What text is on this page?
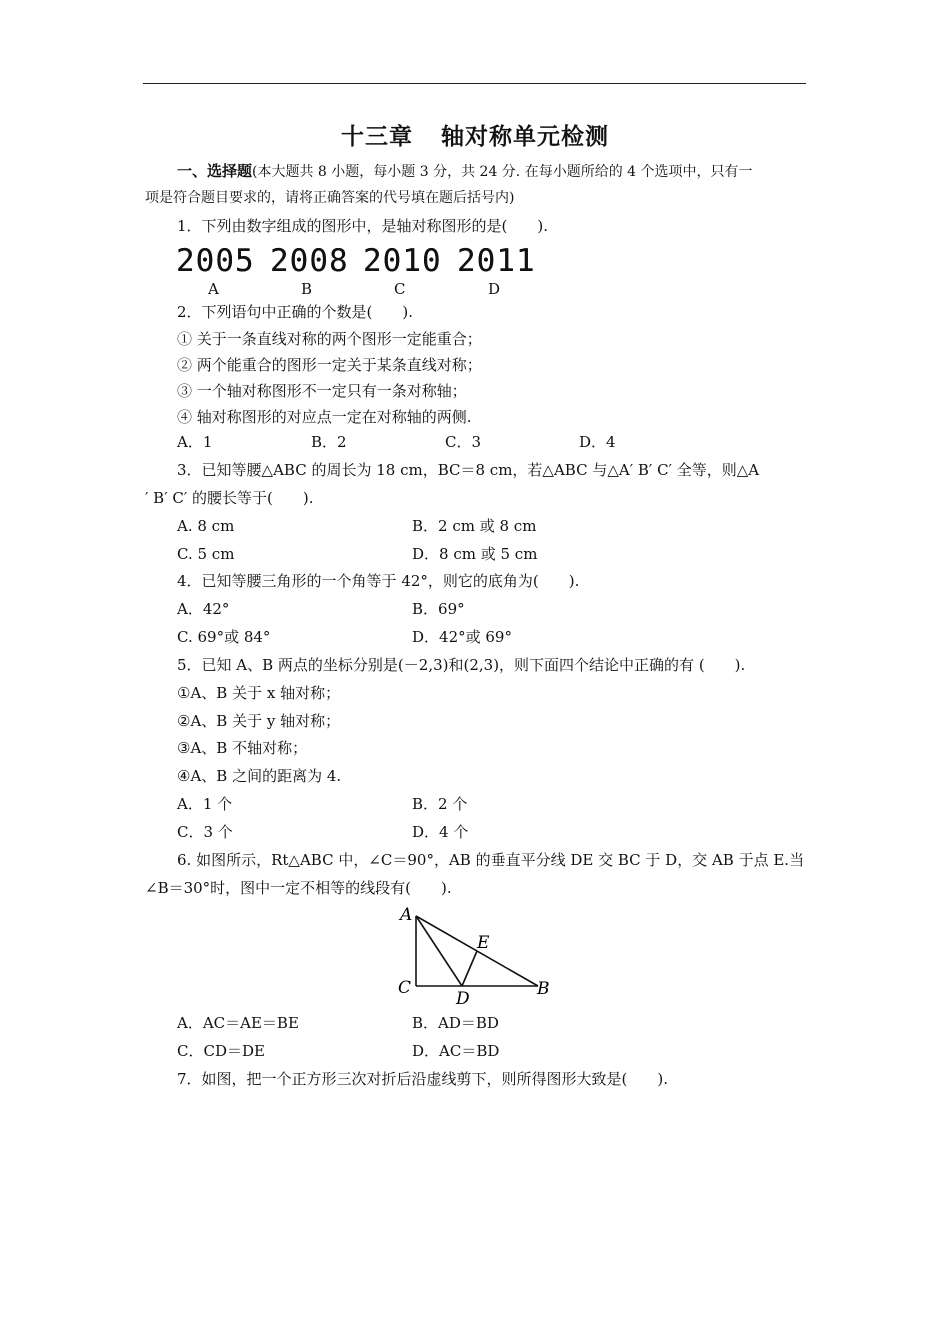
十三章 轴对称单元检测
一、选择题(本大题共 8 小题，每小题 3 分，共 24 分. 在每小题所给的 4 个选项中，只有一
项是符合题目要求的，请将正确答案的代号填在题后括号内)
1．下列由数字组成的图形中，是轴对称图形的是(　　).
2005 2008 2010 2011
A	B	C	D
2．下列语句中正确的个数是(　　).
① 关于一条直线对称的两个图形一定能重合；
② 两个能重合的图形一定关于某条直线对称；
③ 一个轴对称图形不一定只有一条对称轴；
④ 轴对称图形的对应点一定在对称轴的两侧.
A．1	B．2	C．3	D．4
3．已知等腰△ABC 的周长为 18 cm，BC＝8 cm，若△ABC 与△A′ B′ C′ 全等，则△A
′ B′ C′ 的腰长等于(　　).
A. 8 cm	B．2 cm 或 8 cm
C. 5 cm	D．8 cm 或 5 cm
4．已知等腰三角形的一个角等于 42°，则它的底角为(　　).
A．42°	B．69°
C. 69°或 84°	D．42°或 69°
5．已知 A、B 两点的坐标分别是(－2,3)和(2,3)，则下面四个结论中正确的有 (　　).
①A、B 关于 x 轴对称；
②A、B 关于 y 轴对称；
③A、B 不轴对称；
④A、B 之间的距离为 4.
A．1 个	B．2 个
C．3 个	D．4 个
6. 如图所示，Rt△ABC 中，∠C＝90°，AB 的垂直平分线 DE 交 BC 于 D，交 AB 于点 E.当
∠B＝30°时，图中一定不相等的线段有(　　).
A
E
C
D	B
A．AC＝AE＝BE	B．AD＝BD
C．CD＝DE	D．AC＝BD
7．如图，把一个正方形三次对折后沿虚线剪下，则所得图形大致是(　　).
